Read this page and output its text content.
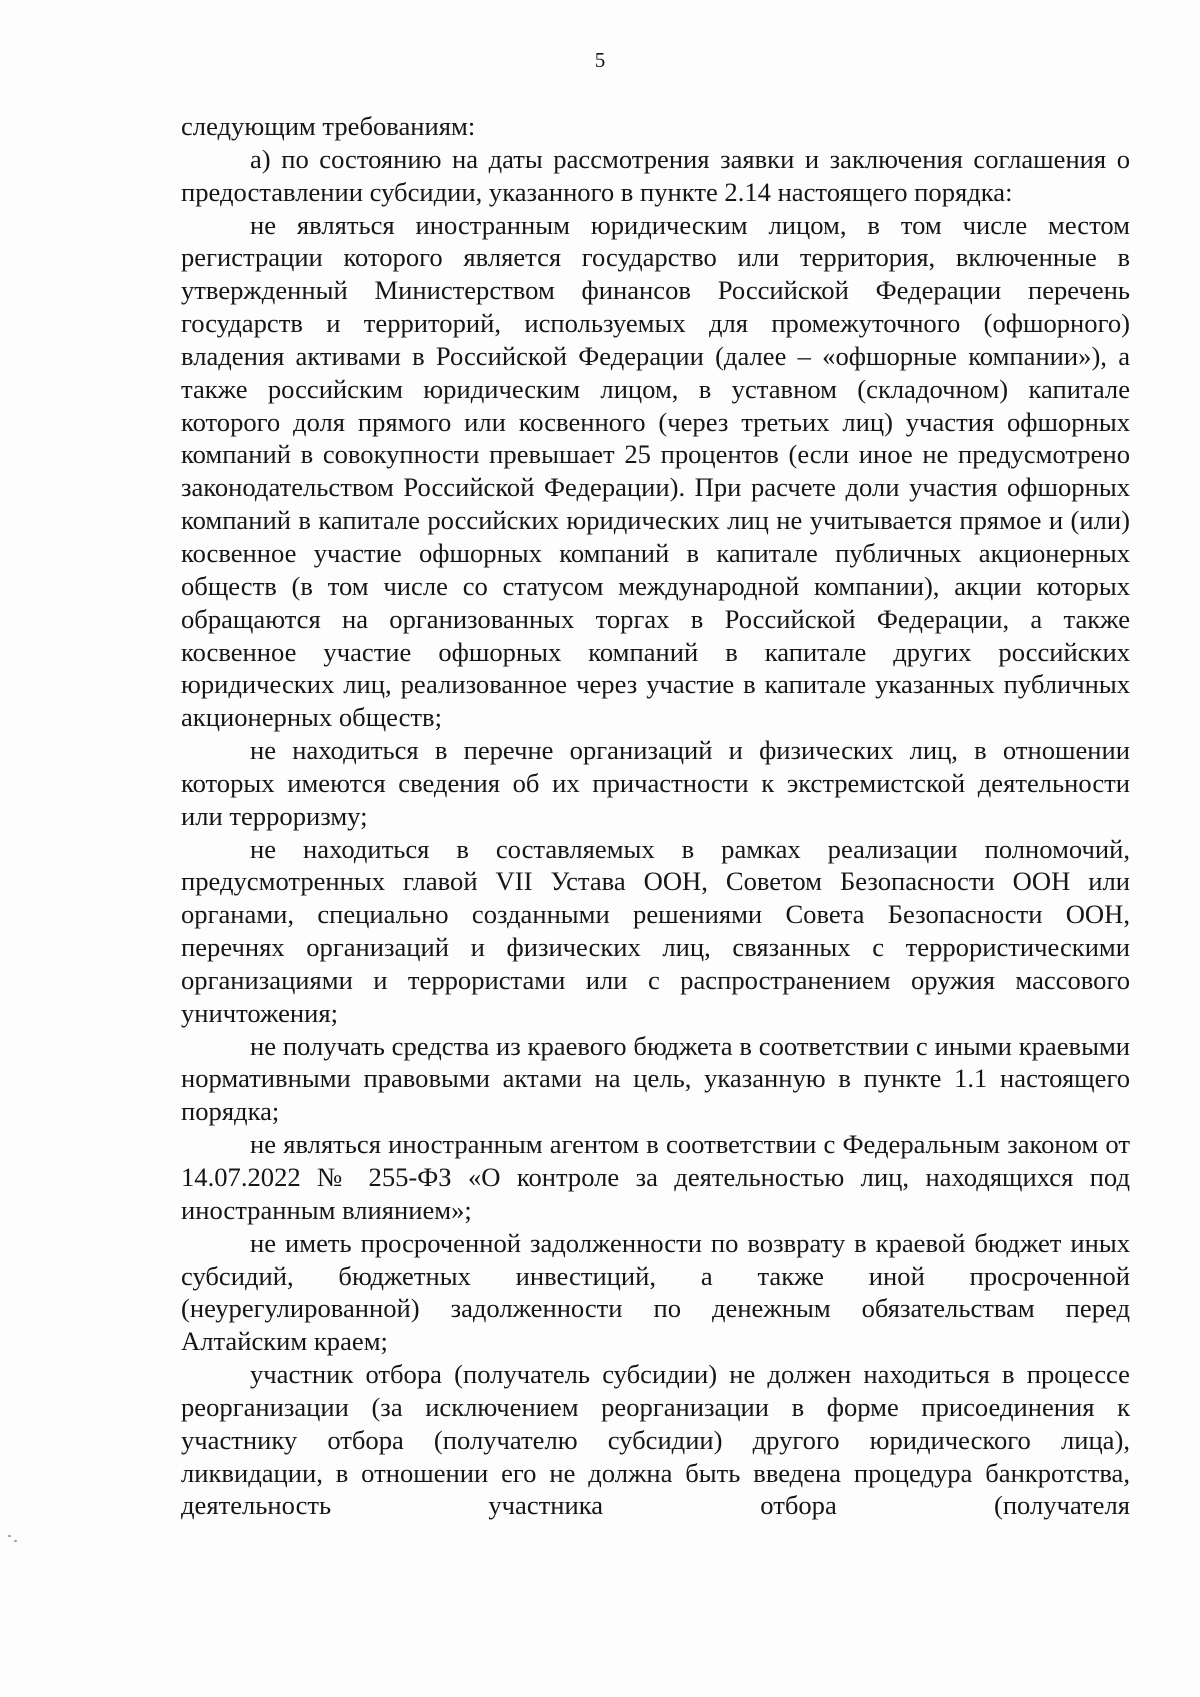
5

следующим требованиям:

а) по состоянию на даты рассмотрения заявки и заключения соглашения о предоставлении субсидии, указанного в пункте 2.14 настоящего порядка:

не являться иностранным юридическим лицом, в том числе местом регистрации которого является государство или территория, включенные в утвержденный Министерством финансов Российской Федерации перечень государств и территорий, используемых для промежуточного (офшорного) владения активами в Российской Федерации (далее – «офшорные компании»), а также российским юридическим лицом, в уставном (складочном) капитале которого доля прямого или косвенного (через третьих лиц) участия офшорных компаний в совокупности превышает 25 процентов (если иное не предусмотрено законодательством Российской Федерации). При расчете доли участия офшорных компаний в капитале российских юридических лиц не учитывается прямое и (или) косвенное участие офшорных компаний в капитале публичных акционерных обществ (в том числе со статусом международной компании), акции которых обращаются на организованных торгах в Российской Федерации, а также косвенное участие офшорных компаний в капитале других российских юридических лиц, реализованное через участие в капитале указанных публичных акционерных обществ;

не находиться в перечне организаций и физических лиц, в отношении которых имеются сведения об их причастности к экстремистской деятельности или терроризму;

не находиться в составляемых в рамках реализации полномочий, предусмотренных главой VII Устава ООН, Советом Безопасности ООН или органами, специально созданными решениями Совета Безопасности ООН, перечнях организаций и физических лиц, связанных с террористическими организациями и террористами или с распространением оружия массового уничтожения;

не получать средства из краевого бюджета в соответствии с иными краевыми нормативными правовыми актами на цель, указанную в пункте 1.1 настоящего порядка;

не являться иностранным агентом в соответствии с Федеральным законом от 14.07.2022 № 255-ФЗ «О контроле за деятельностью лиц, находящихся под иностранным влиянием»;

не иметь просроченной задолженности по возврату в краевой бюджет иных субсидий, бюджетных инвестиций, а также иной просроченной (неурегулированной) задолженности по денежным обязательствам перед Алтайским краем;

участник отбора (получатель субсидии) не должен находиться в процессе реорганизации (за исключением реорганизации в форме присоединения к участнику отбора (получателю субсидии) другого юридического лица), ликвидации, в отношении его не должна быть введена процедура банкротства, деятельность участника отбора (получателя
